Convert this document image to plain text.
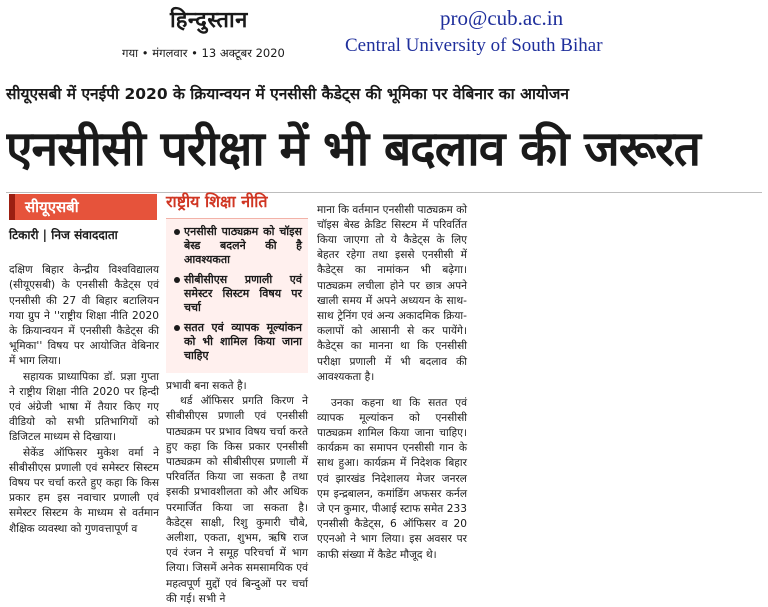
हिन्दुस्तान
गया • मंगलवार • 13 अक्टूबर 2020
pro@cub.ac.in
Central University of South Bihar
सीयूएसबी में एनईपी 2020 के क्रियान्वयन में एनसीसी कैडेट्स की भूमिका पर वेबिनार का आयोजन
एनसीसी परीक्षा में भी बदलाव की जरूरत
सीयूएसबी
टिकारी | निज संवाददाता

दक्षिण बिहार केन्द्रीय विश्वविद्यालय (सीयूएसबी) के एनसीसी कैडेट्स एवं एनसीसी की 27 वी बिहार बटालियन गया ग्रुप ने ''राष्ट्रीय शिक्षा नीति 2020 के क्रियान्वयन में एनसीसी कैडेट्स की भूमिका'' विषय पर आयोजित वेबिनार में भाग लिया।

सहायक प्राध्यापिका डॉ. प्रज्ञा गुप्ता ने राष्ट्रीय शिक्षा नीति 2020 पर हिन्दी एवं अंग्रेजी भाषा में तैयार किए गए वीडियो को सभी प्रतिभागियों को डिजिटल माध्यम से दिखाया।

सेकेंड ऑफिसर मुकेश वर्मा ने सीबीसीएस प्रणाली एवं समेस्टर सिस्टम विषय पर चर्चा करते हुए कहा कि किस प्रकार हम इस नवाचार प्रणाली एवं समेस्टर सिस्टम के माध्यम से वर्तमान शैक्षिक व्यवस्था को गुणवत्तापूर्ण व

राष्ट्रीय शिक्षा नीति
एनसीसी पाठ्यक्रम को चॉइस बेस्ड बदलने की है आवश्यकता
सीबीसीएस प्रणाली एवं समेस्टर सिस्टम विषय पर चर्चा
सतत एवं व्यापक मूल्यांकन को भी शामिल किया जाना चाहिए

प्रभावी बना सकते है।

थर्ड ऑफिसर प्रगति किरण ने सीबीसीएस प्रणाली एवं एनसीसी पाठ्यक्रम पर प्रभाव विषय चर्चा करते हुए कहा कि किस प्रकार एनसीसी पाठ्यक्रम को सीबीसीएस प्रणाली में परिवर्तित किया जा सकता है तथा इसकी प्रभावशीलता को और अधिक परमार्जित किया जा सकता है। कैडेट्स साक्षी, रिशु कुमारी चौबे, अलीशा, एकता, शुभम, ऋषि राज एवं रंजन ने समूह परिचर्चा में भाग लिया। जिसमें अनेक समसामयिक एवं महत्वपूर्ण मुद्दों एवं बिन्दुओं पर चर्चा की गई। सभी ने

माना कि वर्तमान एनसीसी पाठ्यक्रम को चॉइस बेस्ड क्रेडिट सिस्टम में परिवर्तित किया जाएगा तो ये कैडेट्स के लिए बेहतर रहेगा तथा इससे एनसीसी में कैडेट्स का नामांकन भी बढ़ेगा। पाठ्यक्रम लचीला होने पर छात्र अपने खाली समय में अपने अध्ययन के साथ-साथ ट्रेनिंग एवं अन्य अकादमिक क्रिया-कलापों को आसानी से कर पायेंगे। कैडेट्स का मानना था कि एनसीसी परीक्षा प्रणाली में भी बदलाव की आवश्यकता है।

उनका कहना था कि सतत एवं व्यापक मूल्यांकन को एनसीसी पाठ्यक्रम शामिल किया जाना चाहिए। कार्यक्रम का समापन एनसीसी गान के साथ हुआ। कार्यक्रम में निदेशक बिहार एवं झारखंड निदेशालय मेजर जनरल एम इन्द्रबालन, कमांडिंग अफसर कर्नल जे एन कुमार, पीआई स्टाफ समेत 233 एनसीसी कैडेट्स, 6 ऑफिसर व 20 एएनओ ने भाग लिया। इस अवसर पर काफी संख्या में कैडेट मौजूद थे।
